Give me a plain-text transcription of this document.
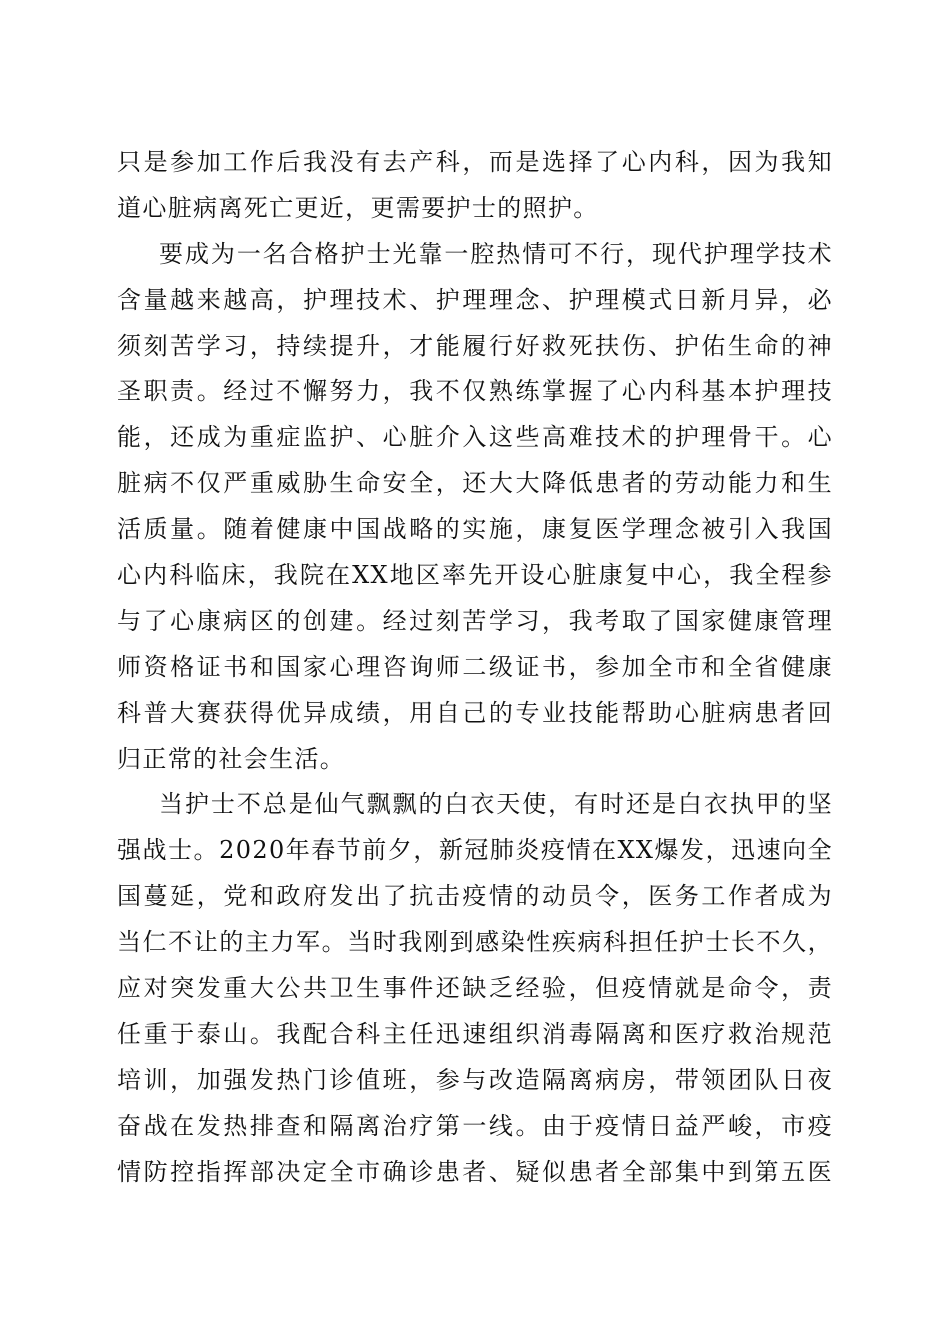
只是参加工作后我没有去产科，而是选择了心内科，因为我知
道心脏病离死亡更近，更需要护士的照护。
要成为一名合格护士光靠一腔热情可不行，现代护理学技术
含量越来越高，护理技术、护理理念、护理模式日新月异，必
须刻苦学习，持续提升，才能履行好救死扶伤、护佑生命的神
圣职责。经过不懈努力，我不仅熟练掌握了心内科基本护理技
能，还成为重症监护、心脏介入这些高难技术的护理骨干。心
脏病不仅严重威胁生命安全，还大大降低患者的劳动能力和生
活质量。随着健康中国战略的实施，康复医学理念被引入我国
心内科临床，我院在XX地区率先开设心脏康复中心，我全程参
与了心康病区的创建。经过刻苦学习，我考取了国家健康管理
师资格证书和国家心理咨询师二级证书，参加全市和全省健康
科普大赛获得优异成绩，用自己的专业技能帮助心脏病患者回
归正常的社会生活。
当护士不总是仙气飘飘的白衣天使，有时还是白衣执甲的坚
强战士。2020年春节前夕，新冠肺炎疫情在XX爆发，迅速向全
国蔓延，党和政府发出了抗击疫情的动员令，医务工作者成为
当仁不让的主力军。当时我刚到感染性疾病科担任护士长不久，
应对突发重大公共卫生事件还缺乏经验，但疫情就是命令，责
任重于泰山。我配合科主任迅速组织消毒隔离和医疗救治规范
培训，加强发热门诊值班，参与改造隔离病房，带领团队日夜
奋战在发热排查和隔离治疗第一线。由于疫情日益严峻，市疫
情防控指挥部决定全市确诊患者、疑似患者全部集中到第五医
